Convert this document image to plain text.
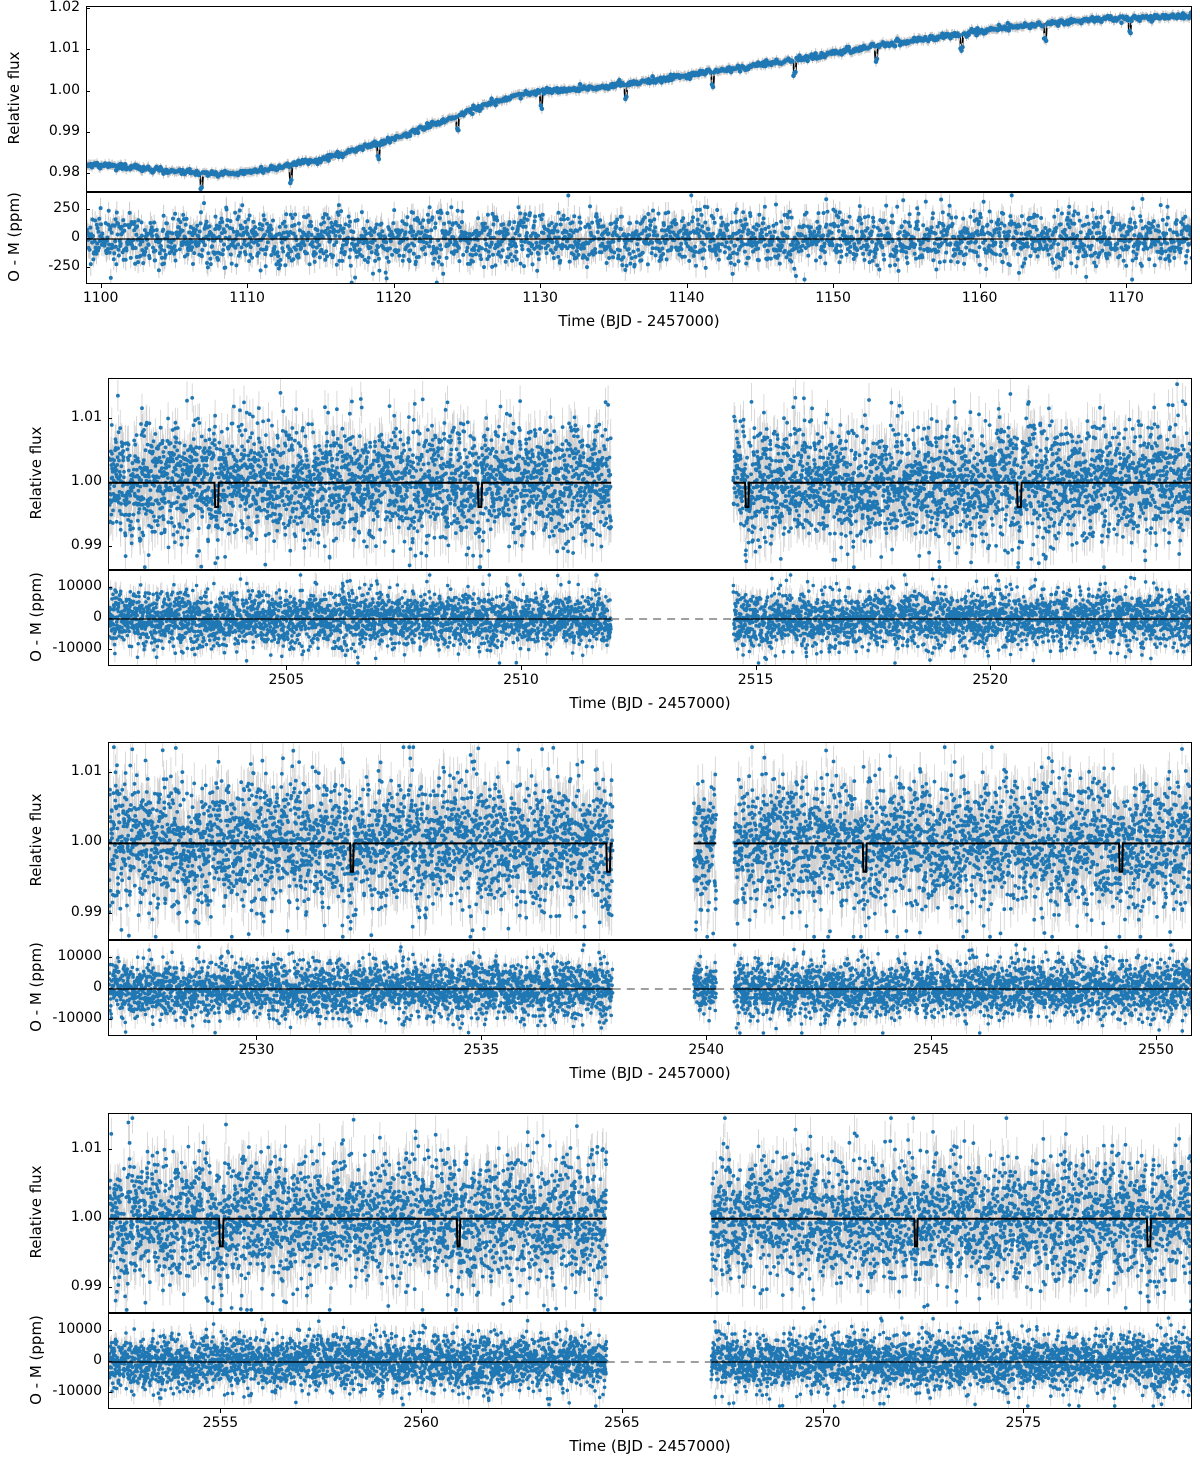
0.98
0.99
1.00
1.01
1.02
-250
0
250
1100	1110	1120	1130	1140	1150	1160	1170
Relative flux
O - M (ppm)
Time (BJD - 2457000)
0.99
1.00
1.01
-10000
0
10000
2505	2510	2515	2520
Relative flux
O - M (ppm)
Time (BJD - 2457000)
0.99
1.00
1.01
-10000
0
10000
2530	2535	2540	2545	2550
Relative flux
O - M (ppm)
Time (BJD - 2457000)
0.99
1.00
1.01
-10000
0
10000
2555	2560	2565	2570	2575
Relative flux
O - M (ppm)
Time (BJD - 2457000)
